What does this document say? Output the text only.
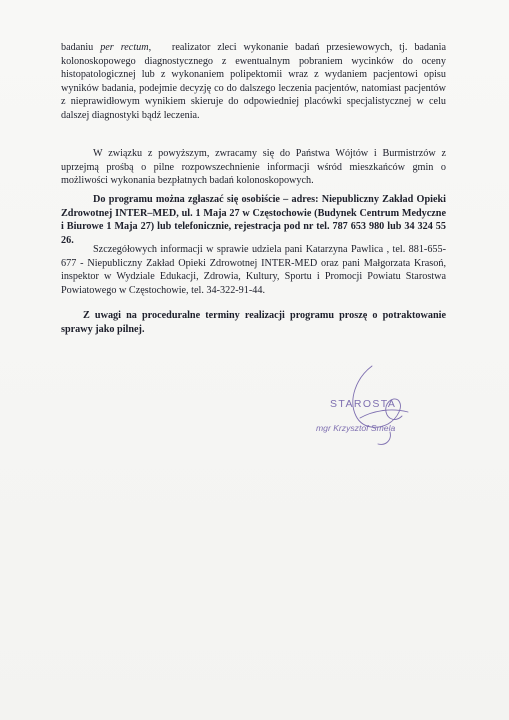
badaniu per rectum,   realizator zleci wykonanie badań przesiewowych, tj. badania kolonoskopowego diagnostycznego z ewentualnym pobraniem wycinków do oceny histopatologicznej lub z wykonaniem polipektomii wraz z wydaniem pacjentowi opisu wyników badania, podejmie decyzję co do dalszego leczenia pacjentów, natomiast pacjentów z nieprawidłowym wynikiem skieruje do odpowiedniej placówki specjalistycznej w celu dalszej diagnostyki bądź leczenia.

W związku z powyższym, zwracamy się do Państwa Wójtów i Burmistrzów z uprzejmą prośbą o pilne rozpowszechnienie informacji wśród mieszkańców gmin o możliwości wykonania bezpłatnych badań kolonoskopowych.

Do programu można zgłaszać się osobiście – adres: Niepubliczny Zakład Opieki Zdrowotnej INTER–MED, ul. 1 Maja 27 w Częstochowie (Budynek Centrum Medyczne i Biurowe 1 Maja 27) lub telefonicznie, rejestracja pod nr tel. 787 653 980 lub 34 324 55 26.

Szczegółowych informacji w sprawie udziela pani Katarzyna Pawlica , tel. 881-655-677 - Niepubliczny Zakład Opieki Zdrowotnej INTER-MED oraz pani Małgorzata Krasoń, inspektor w Wydziale Edukacji, Zdrowia, Kultury, Sportu i Promocji Powiatu Starostwa Powiatowego w Częstochowie, tel. 34-322-91-44.

Z uwagi na proceduralne terminy realizacji programu proszę o potraktowanie sprawy jako pilnej.

STAROSTA
mgr Krzysztof Smela
